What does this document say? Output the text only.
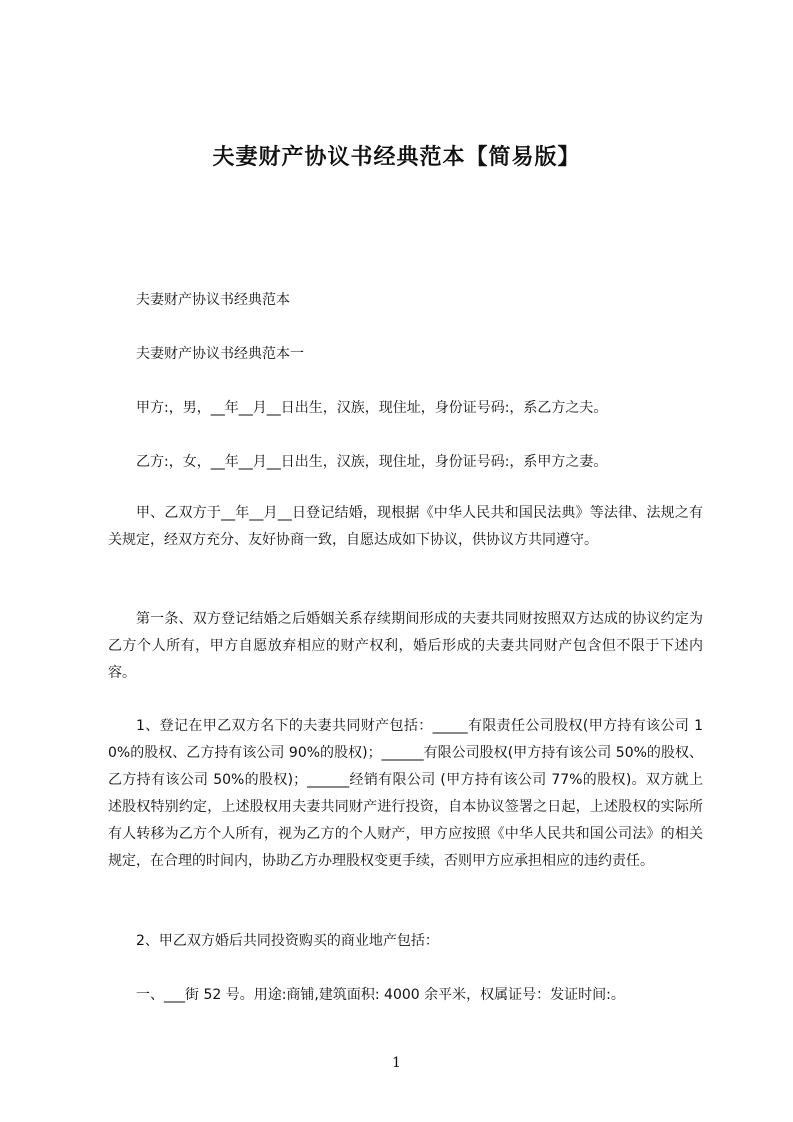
夫妻财产协议书经典范本【简易版】
夫妻财产协议书经典范本
夫妻财产协议书经典范本一
甲方:，男，__年__月__日出生，汉族，现住址，身份证号码:，系乙方之夫。
乙方:，女，__年__月__日出生，汉族，现住址，身份证号码:，系甲方之妻。
甲、乙双方于__年__月__日登记结婚，现根据《中华人民共和国民法典》等法律、法规之有关规定，经双方充分、友好协商一致，自愿达成如下协议，供协议方共同遵守。
第一条、双方登记结婚之后婚姻关系存续期间形成的夫妻共同财按照双方达成的协议约定为乙方个人所有，甲方自愿放弃相应的财产权利，婚后形成的夫妻共同财产包含但不限于下述内容。
1、登记在甲乙双方名下的夫妻共同财产包括：_____有限责任公司股权(甲方持有该公司 10%的股权、乙方持有该公司 90%的股权)；______有限公司股权(甲方持有该公司 50%的股权、乙方持有该公司 50%的股权)；______经销有限公司 (甲方持有该公司 77%的股权)。双方就上述股权特别约定，上述股权用夫妻共同财产进行投资，自本协议签署之日起，上述股权的实际所有人转移为乙方个人所有，视为乙方的个人财产，甲方应按照《中华人民共和国公司法》的相关规定，在合理的时间内，协助乙方办理股权变更手续，否则甲方应承担相应的违约责任。
2、甲乙双方婚后共同投资购买的商业地产包括：
一、___街 52 号。用途:商铺,建筑面积: 4000 余平米，权属证号：发证时间:。
1
